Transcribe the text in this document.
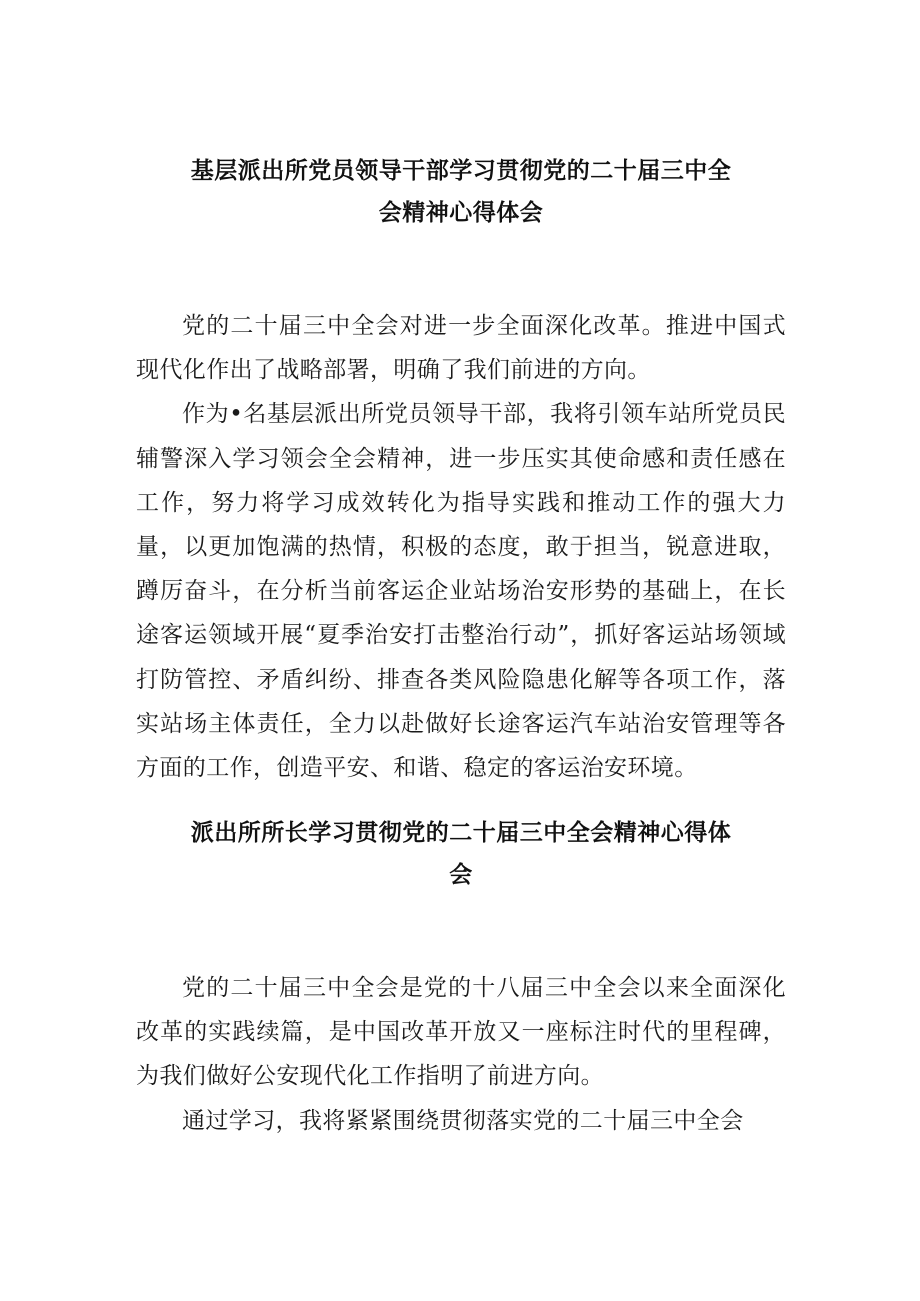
基层派出所党员领导干部学习贯彻党的二十届三中全
会精神心得体会

党的二十届三中全会对进一步全面深化改革。推进中国式现代化作出了战略部署，明确了我们前进的方向。

作为•名基层派出所党员领导干部，我将引领车站所党员民辅警深入学习领会全会精神，进一步压实其使命感和责任感在工作，努力将学习成效转化为指导实践和推动工作的强大力量，以更加饱满的热情，积极的态度，敢于担当，锐意进取，蹲厉奋斗，在分析当前客运企业站场治安形势的基础上，在长途客运领域开展“夏季治安打击整治行动”，抓好客运站场领域打防管控、矛盾纠纷、排查各类风险隐患化解等各项工作，落实站场主体责任，全力以赴做好长途客运汽车站治安管理等各方面的工作，创造平安、和谐、稳定的客运治安环境。

派出所所长学习贯彻党的二十届三中全会精神心得体
会

党的二十届三中全会是党的十八届三中全会以来全面深化改革的实践续篇，是中国改革开放又一座标注时代的里程碑，为我们做好公安现代化工作指明了前进方向。

通过学习，我将紧紧围绕贯彻落实党的二十届三中全会
